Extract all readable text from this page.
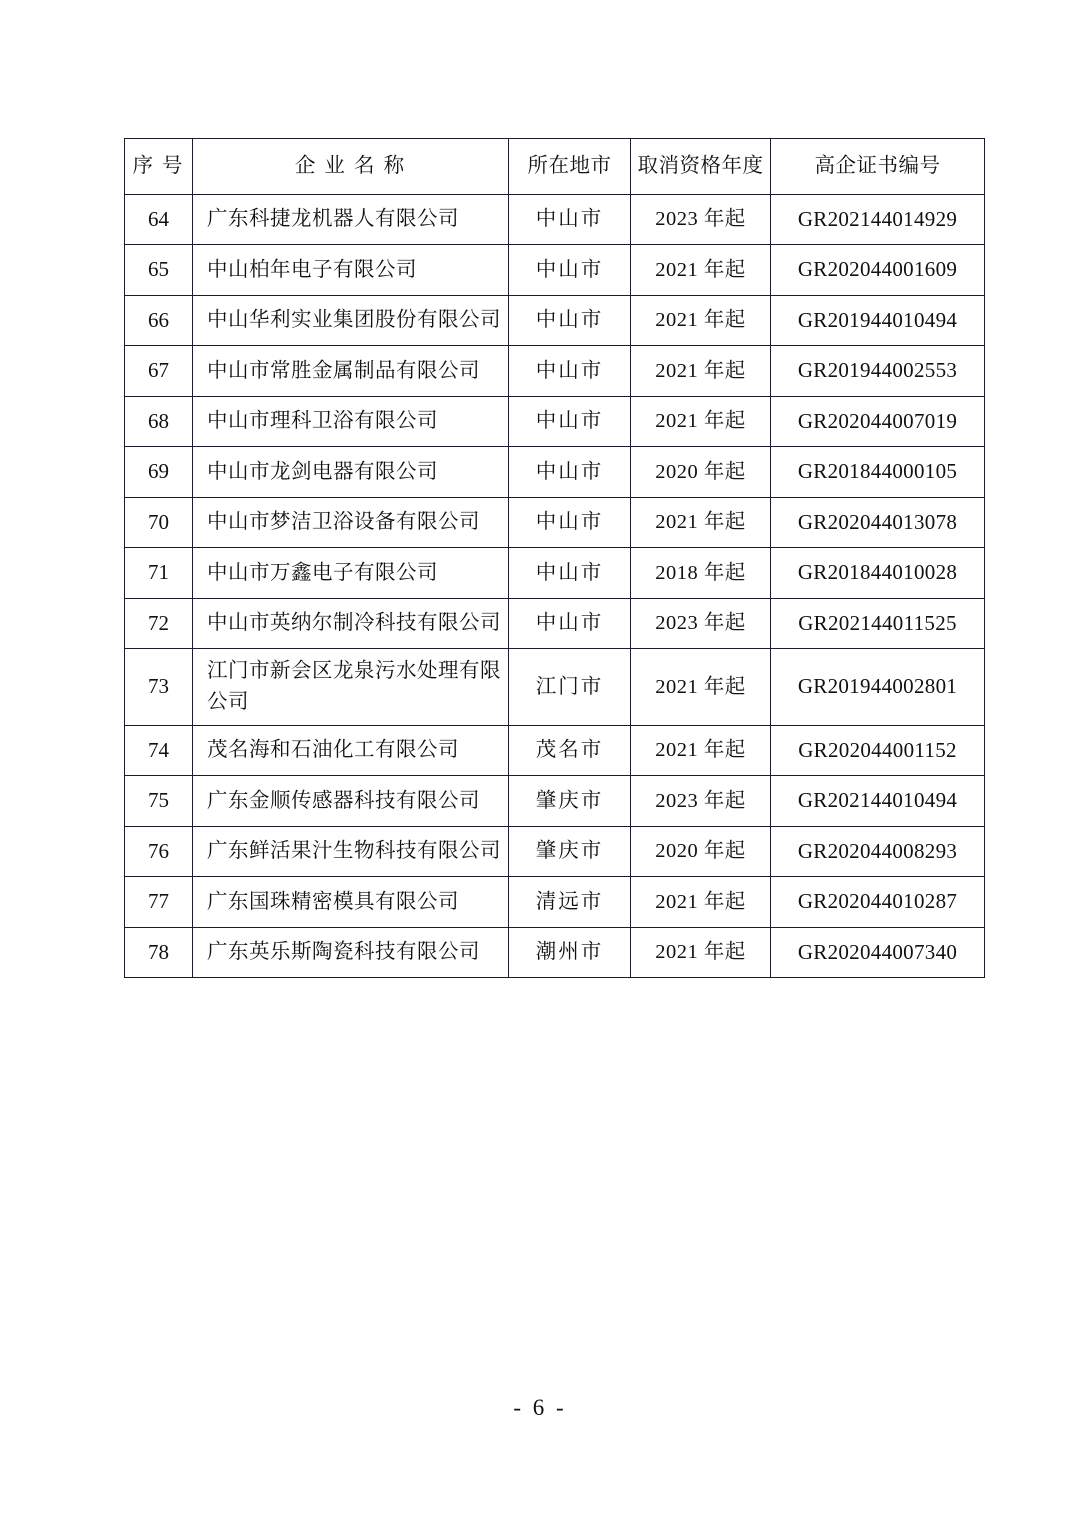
序 号	企 业 名 称	所在地市	取消资格年度	高企证书编号

64	广东科捷龙机器人有限公司	中山市	2023 年起	GR202144014929

65	中山柏年电子有限公司	中山市	2021 年起	GR202044001609

66	中山华利实业集团股份有限公司	中山市	2021 年起	GR201944010494

67	中山市常胜金属制品有限公司	中山市	2021 年起	GR201944002553

68	中山市理科卫浴有限公司	中山市	2021 年起	GR202044007019

69	中山市龙剑电器有限公司	中山市	2020 年起	GR201844000105

70	中山市梦洁卫浴设备有限公司	中山市	2021 年起	GR202044013078

71	中山市万鑫电子有限公司	中山市	2018 年起	GR201844010028

72	中山市英纳尔制冷科技有限公司	中山市	2023 年起	GR202144011525

73	江门市新会区龙泉污水处理有限公司	江门市	2021 年起	GR201944002801

74	茂名海和石油化工有限公司	茂名市	2021 年起	GR202044001152

75	广东金顺传感器科技有限公司	肇庆市	2023 年起	GR202144010494

76	广东鲜活果汁生物科技有限公司	肇庆市	2020 年起	GR202044008293

77	广东国珠精密模具有限公司	清远市	2021 年起	GR202044010287

78	广东英乐斯陶瓷科技有限公司	潮州市	2021 年起	GR202044007340
- 6 -
